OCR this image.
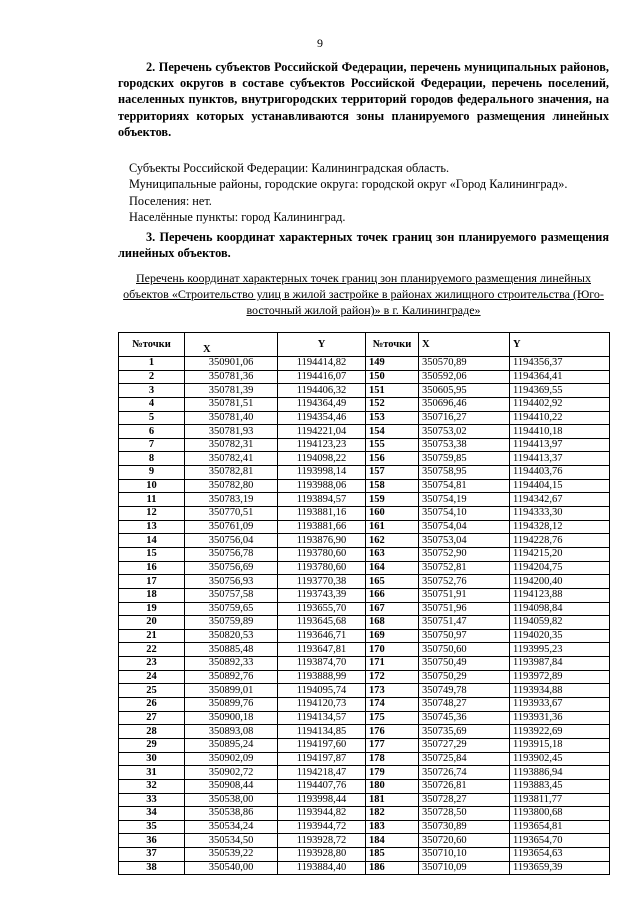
9
2. Перечень субъектов Российской Федерации, перечень муниципальных районов, городских округов в составе субъектов Российской Федерации, перечень поселений, населенных пунктов, внутригородских территорий городов федерального значения, на территориях которых устанавливаются зоны планируемого размещения линейных объектов.
Субъекты Российской Федерации: Калининградская область.
Муниципальные районы, городские округа: городской округ «Город Калининград».
Поселения: нет.
Населённые пункты: город Калининград.
3. Перечень координат характерных точек границ зон планируемого размещения линейных объектов.
Перечень координат характерных точек границ зон планируемого размещения линейных объектов «Строительство улиц в жилой застройке в районах жилищного строительства (Юго-восточный жилой район)» в г. Калининграде»
№точки	X	Y	№точки	X	Y
1	350901,06	1194414,82	149	350570,89	1194356,37
2	350781,36	1194416,07	150	350592,06	1194364,41
3	350781,39	1194406,32	151	350605,95	1194369,55
4	350781,51	1194364,49	152	350696,46	1194402,92
5	350781,40	1194354,46	153	350716,27	1194410,22
6	350781,93	1194221,04	154	350753,02	1194410,18
7	350782,31	1194123,23	155	350753,38	1194413,97
8	350782,41	1194098,22	156	350759,85	1194413,37
9	350782,81	1193998,14	157	350758,95	1194403,76
10	350782,80	1193988,06	158	350754,81	1194404,15
11	350783,19	1193894,57	159	350754,19	1194342,67
12	350770,51	1193881,16	160	350754,10	1194333,30
13	350761,09	1193881,66	161	350754,04	1194328,12
14	350756,04	1193876,90	162	350753,04	1194228,76
15	350756,78	1193780,60	163	350752,90	1194215,20
16	350756,69	1193780,60	164	350752,81	1194204,75
17	350756,93	1193770,38	165	350752,76	1194200,40
18	350757,58	1193743,39	166	350751,91	1194123,88
19	350759,65	1193655,70	167	350751,96	1194098,84
20	350759,89	1193645,68	168	350751,47	1194059,82
21	350820,53	1193646,71	169	350750,97	1194020,35
22	350885,48	1193647,81	170	350750,60	1193995,23
23	350892,33	1193874,70	171	350750,49	1193987,84
24	350892,76	1193888,99	172	350750,29	1193972,89
25	350899,01	1194095,74	173	350749,78	1193934,88
26	350899,76	1194120,73	174	350748,27	1193933,67
27	350900,18	1194134,57	175	350745,36	1193931,36
28	350893,08	1194134,85	176	350735,69	1193922,69
29	350895,24	1194197,60	177	350727,29	1193915,18
30	350902,09	1194197,87	178	350725,84	1193902,45
31	350902,72	1194218,47	179	350726,74	1193886,94
32	350908,44	1194407,76	180	350726,81	1193883,45
33	350538,00	1193998,44	181	350728,27	1193811,77
34	350538,86	1193944,82	182	350728,50	1193800,68
35	350534,24	1193944,72	183	350730,89	1193654,81
36	350534,50	1193928,72	184	350720,60	1193654,70
37	350539,22	1193928,80	185	350710,10	1193654,63
38	350540,00	1193884,40	186	350710,09	1193659,39
